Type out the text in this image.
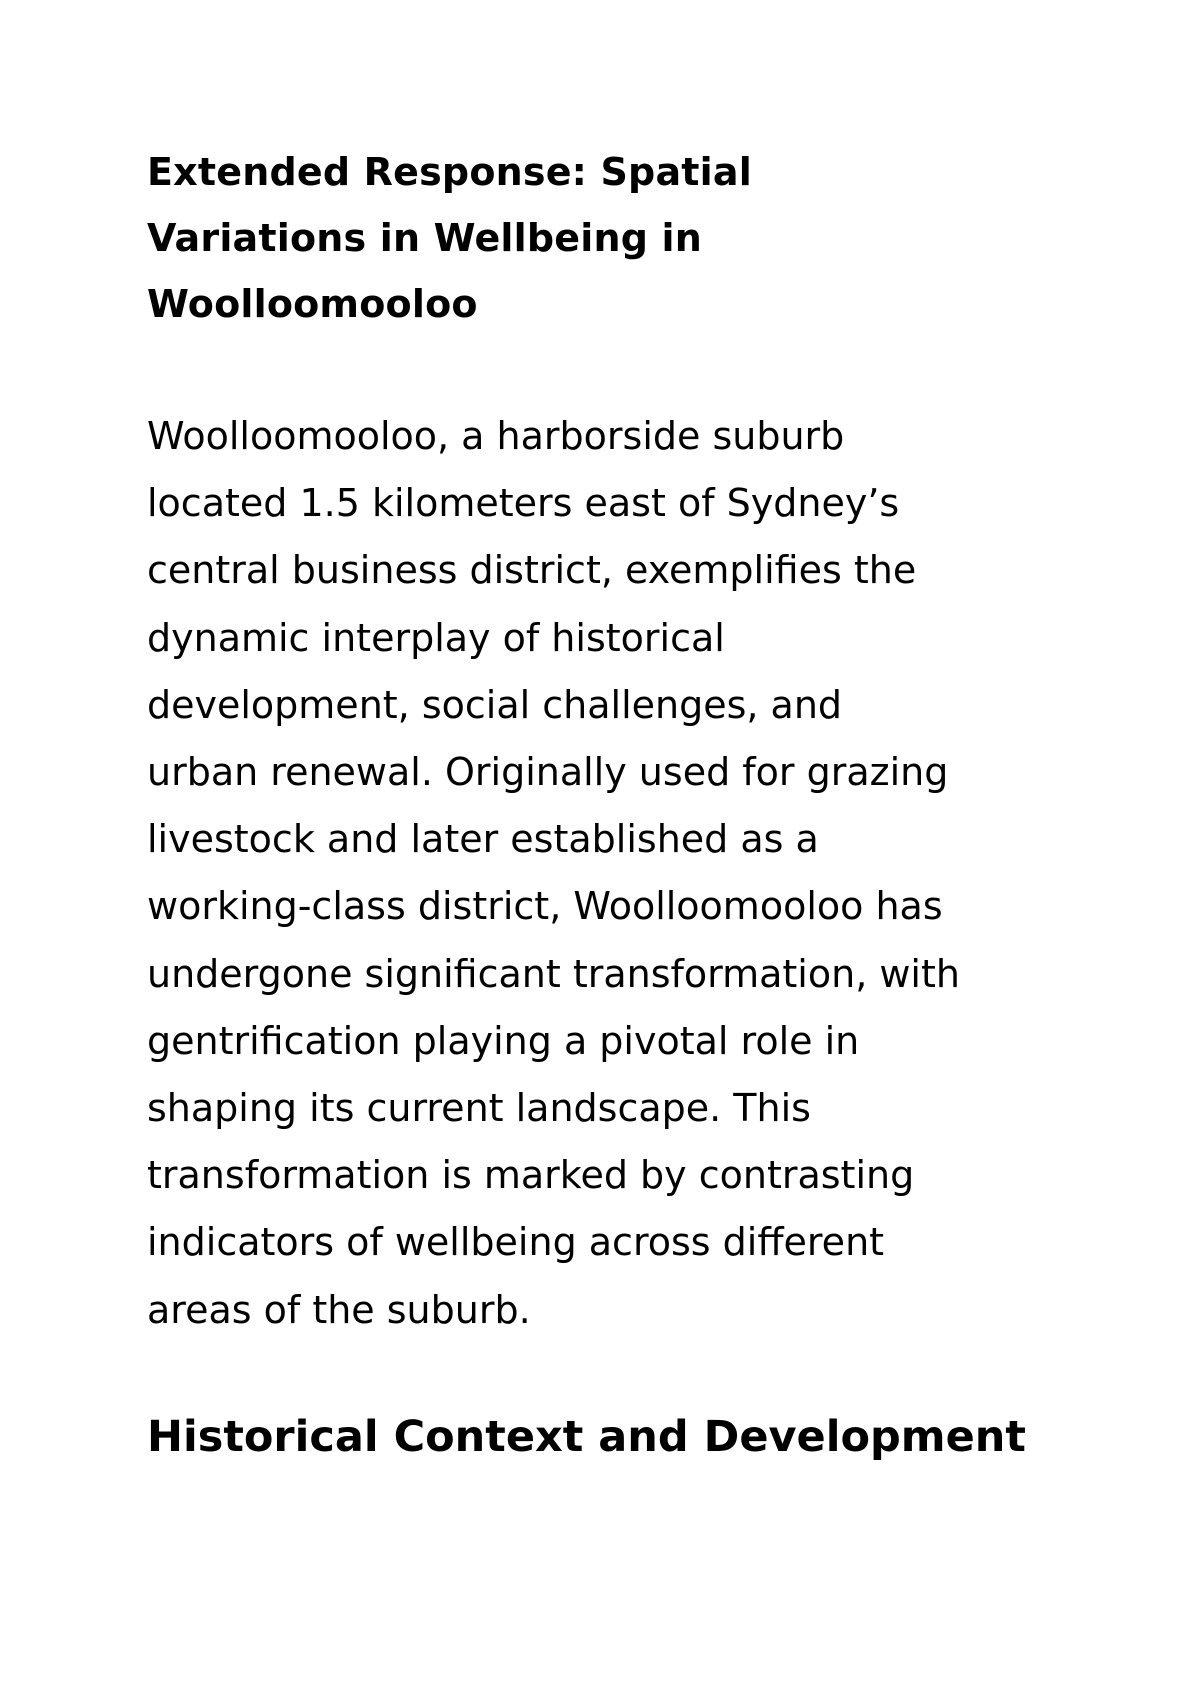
Extended Response: Spatial
Variations in Wellbeing in
Woolloomooloo

Woolloomooloo, a harborside suburb
located 1.5 kilometers east of Sydney’s
central business district, exemplifies the
dynamic interplay of historical
development, social challenges, and
urban renewal. Originally used for grazing
livestock and later established as a
working-class district, Woolloomooloo has
undergone significant transformation, with
gentrification playing a pivotal role in
shaping its current landscape. This
transformation is marked by contrasting
indicators of wellbeing across different
areas of the suburb.

Historical Context and Development
